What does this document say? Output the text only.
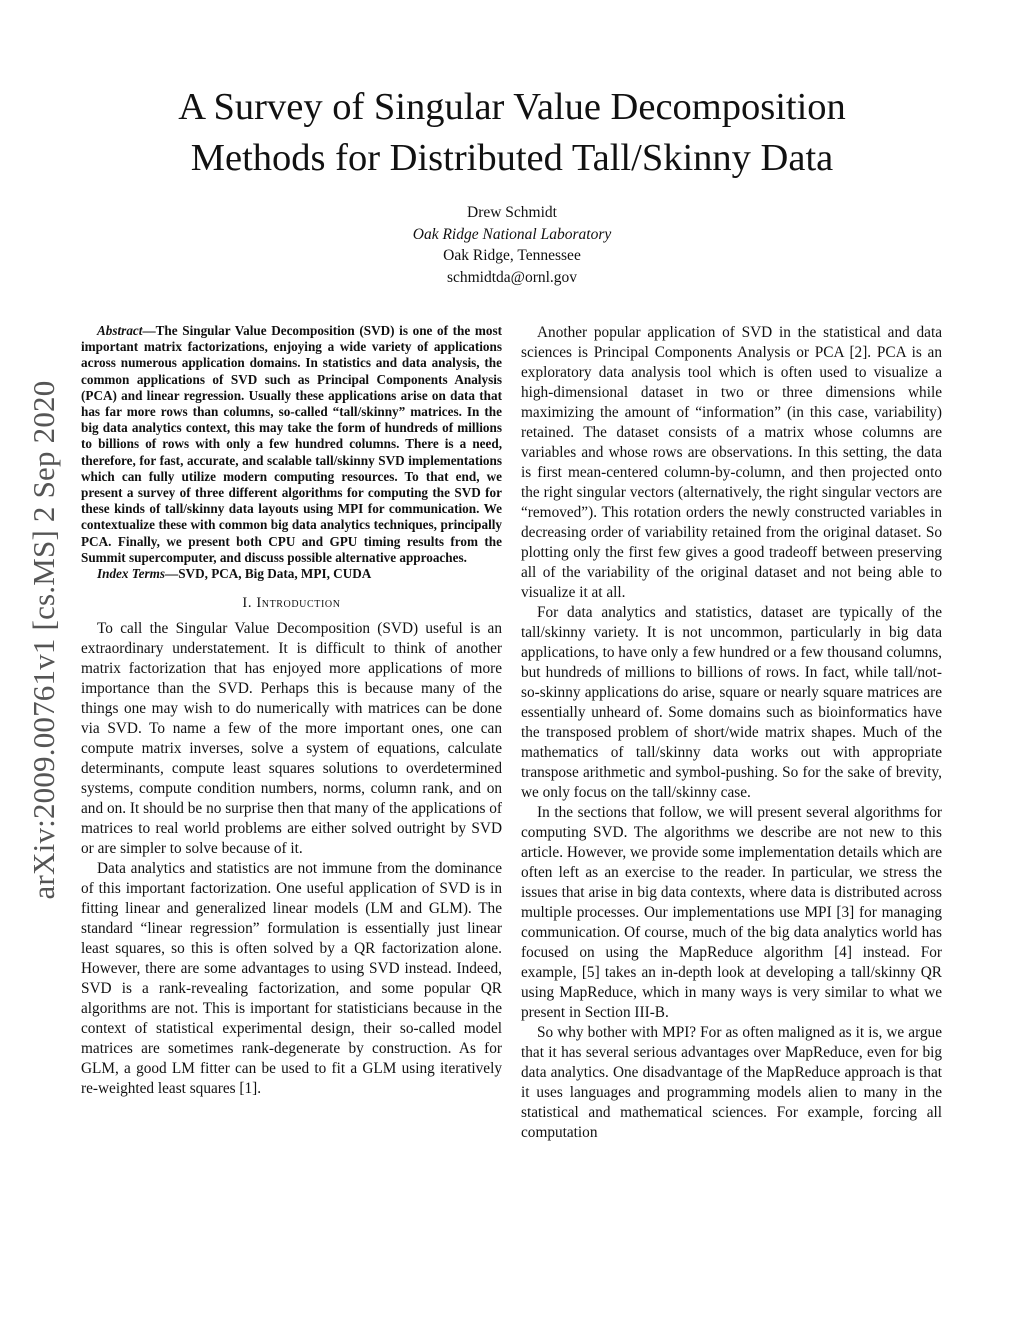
A Survey of Singular Value Decomposition
Methods for Distributed Tall/Skinny Data
Drew Schmidt
Oak Ridge National Laboratory
Oak Ridge, Tennessee
schmidtda@ornl.gov
arXiv:2009.00761v1 [cs.MS] 2 Sep 2020

Abstract—The Singular Value Decomposition (SVD) is one of the most important matrix factorizations, enjoying a wide variety of applications across numerous application domains. In statistics and data analysis, the common applications of SVD such as Principal Components Analysis (PCA) and linear regression. Usually these applications arise on data that has far more rows than columns, so-called “tall/skinny” matrices. In the big data analytics context, this may take the form of hundreds of millions to billions of rows with only a few hundred columns. There is a need, therefore, for fast, accurate, and scalable tall/skinny SVD implementations which can fully utilize modern computing resources. To that end, we present a survey of three different algorithms for computing the SVD for these kinds of tall/skinny data layouts using MPI for communication. We contextualize these with common big data analytics techniques, principally PCA. Finally, we present both CPU and GPU timing results from the Summit supercomputer, and discuss possible alternative approaches.

Index Terms—SVD, PCA, Big Data, MPI, CUDA

I. Introduction

To call the Singular Value Decomposition (SVD) useful is an extraordinary understatement. It is difficult to think of another matrix factorization that has enjoyed more applications of more importance than the SVD. Perhaps this is because many of the things one may wish to do numerically with matrices can be done via SVD. To name a few of the more important ones, one can compute matrix inverses, solve a system of equations, calculate determinants, compute least squares solutions to overdetermined systems, compute condition numbers, norms, column rank, and on and on. It should be no surprise then that many of the applications of matrices to real world problems are either solved outright by SVD or are simpler to solve because of it.

Data analytics and statistics are not immune from the dominance of this important factorization. One useful application of SVD is in fitting linear and generalized linear models (LM and GLM). The standard “linear regression” formulation is essentially just linear least squares, so this is often solved by a QR factorization alone. However, there are some advantages to using SVD instead. Indeed, SVD is a rank-revealing factorization, and some popular QR algorithms are not. This is important for statisticians because in the context of statistical experimental design, their so-called model matrices are sometimes rank-degenerate by construction. As for GLM, a good LM fitter can be used to fit a GLM using iteratively re-weighted least squares [1].

Another popular application of SVD in the statistical and data sciences is Principal Components Analysis or PCA [2]. PCA is an exploratory data analysis tool which is often used to visualize a high-dimensional dataset in two or three dimensions while maximizing the amount of “information” (in this case, variability) retained. The dataset consists of a matrix whose columns are variables and whose rows are observations. In this setting, the data is first mean-centered column-by-column, and then projected onto the right singular vectors (alternatively, the right singular vectors are “removed”). This rotation orders the newly constructed variables in decreasing order of variability retained from the original dataset. So plotting only the first few gives a good tradeoff between preserving all of the variability of the original dataset and not being able to visualize it at all.

For data analytics and statistics, dataset are typically of the tall/skinny variety. It is not uncommon, particularly in big data applications, to have only a few hundred or a few thousand columns, but hundreds of millions to billions of rows. In fact, while tall/not-so-skinny applications do arise, square or nearly square matrices are essentially unheard of. Some domains such as bioinformatics have the transposed problem of short/wide matrix shapes. Much of the mathematics of tall/skinny data works out with appropriate transpose arithmetic and symbol-pushing. So for the sake of brevity, we only focus on the tall/skinny case.

In the sections that follow, we will present several algorithms for computing SVD. The algorithms we describe are not new to this article. However, we provide some implementation details which are often left as an exercise to the reader. In particular, we stress the issues that arise in big data contexts, where data is distributed across multiple processes. Our implementations use MPI [3] for managing communication. Of course, much of the big data analytics world has focused on using the MapReduce algorithm [4] instead. For example, [5] takes an in-depth look at developing a tall/skinny QR using MapReduce, which in many ways is very similar to what we present in Section III-B.

So why bother with MPI? For as often maligned as it is, we argue that it has several serious advantages over MapReduce, even for big data analytics. One disadvantage of the MapReduce approach is that it uses languages and programming models alien to many in the statistical and mathematical sciences. For example, forcing all computation
